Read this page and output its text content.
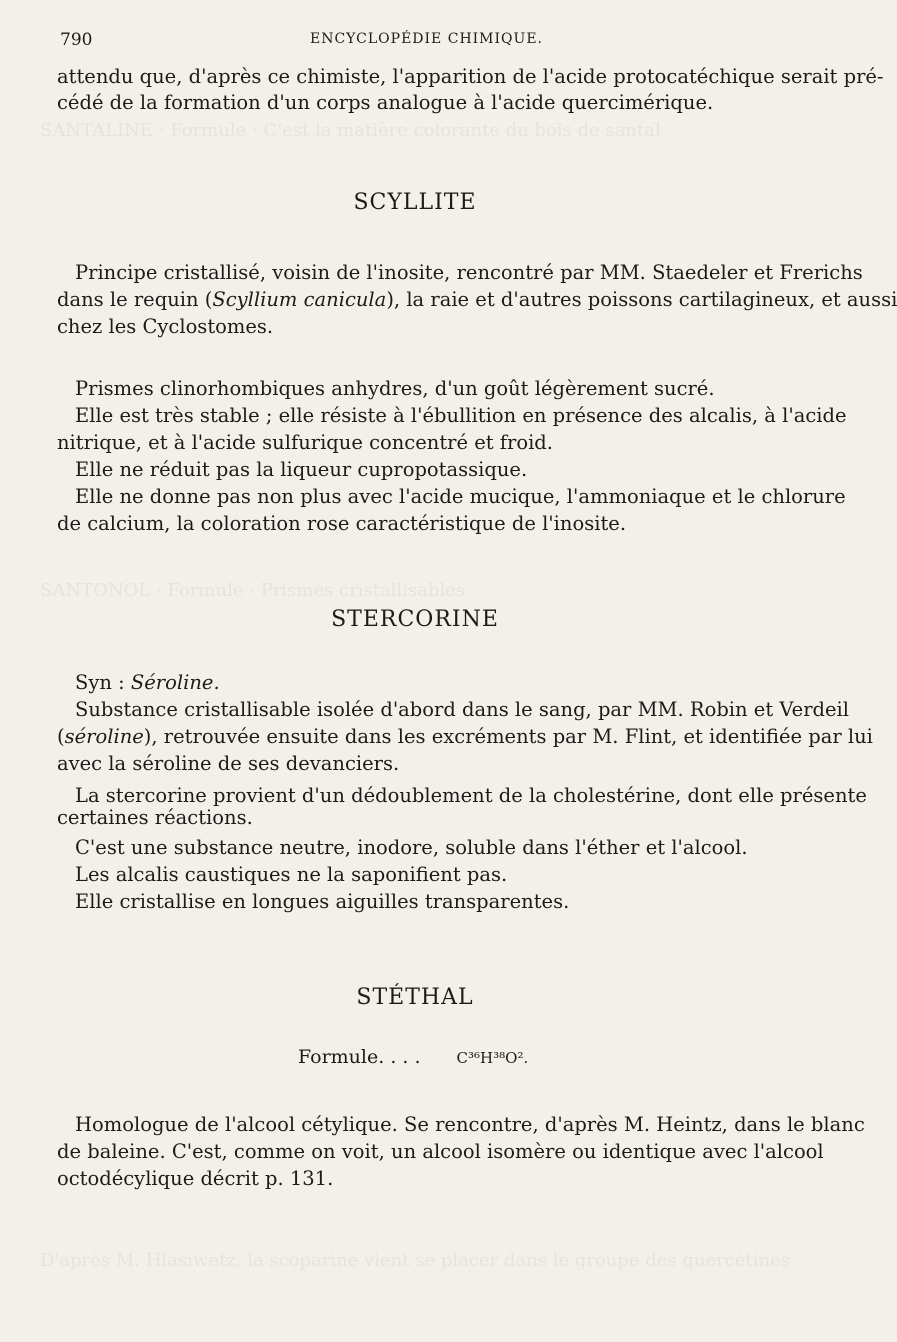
SANTALINE · Formule · C'est la matière colorante du bois de santal
SANTONOL · Formule · Prismes cristallisables
D'après M. Hlasiwetz, la scoparine vient se placer dans le groupe des quercétines
790	ENCYCLOPÉDIE CHIMIQUE.
attendu que, d'après ce chimiste, l'apparition de l'acide protocatéchique serait pré-
cédé de la formation d'un corps analogue à l'acide quercimérique.
SCYLLITE
Principe cristallisé, voisin de l'inosite, rencontré par MM. Staedeler et Frerichs
dans le requin (Scyllium canicula), la raie et d'autres poissons cartilagineux, et aussi
chez les Cyclostomes.
Prismes clinorhombiques anhydres, d'un goût légèrement sucré.
Elle est très stable ; elle résiste à l'ébullition en présence des alcalis, à l'acide
nitrique, et à l'acide sulfurique concentré et froid.
Elle ne réduit pas la liqueur cupropotassique.
Elle ne donne pas non plus avec l'acide mucique, l'ammoniaque et le chlorure
de calcium, la coloration rose caractéristique de l'inosite.
STERCORINE
Syn : Séroline.
Substance cristallisable isolée d'abord dans le sang, par MM. Robin et Verdeil
(séroline), retrouvée ensuite dans les excréments par M. Flint, et identifiée par lui
avec la séroline de ses devanciers.
La stercorine provient d'un dédoublement de la cholestérine, dont elle présente
certaines réactions.
C'est une substance neutre, inodore, soluble dans l'éther et l'alcool.
Les alcalis caustiques ne la saponifient pas.
Elle cristallise en longues aiguilles transparentes.
STÉTHAL
Formule. . . . C³⁶H³⁸O².
Homologue de l'alcool cétylique. Se rencontre, d'après M. Heintz, dans le blanc
de baleine. C'est, comme on voit, un alcool isomère ou identique avec l'alcool
octodécylique décrit p. 131.
